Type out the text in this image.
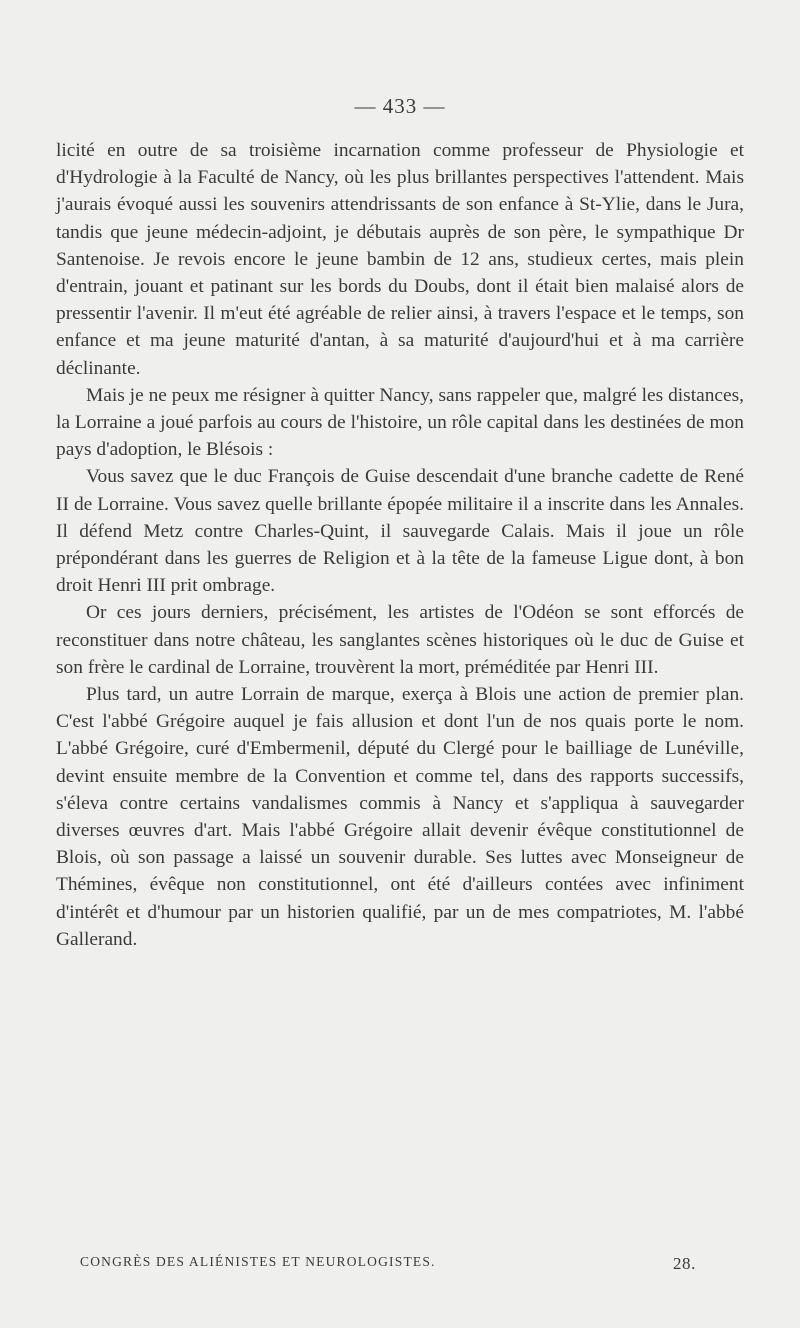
— 433 —

licité en outre de sa troisième incarnation comme professeur de Physiologie et d'Hydrologie à la Faculté de Nancy, où les plus brillantes perspectives l'attendent. Mais j'aurais évoqué aussi les souvenirs attendrissants de son enfance à St-Ylie, dans le Jura, tandis que jeune médecin-adjoint, je débutais auprès de son père, le sympathique Dr Santenoise. Je revois encore le jeune bambin de 12 ans, studieux certes, mais plein d'entrain, jouant et patinant sur les bords du Doubs, dont il était bien malaisé alors de pressentir l'avenir. Il m'eut été agréable de relier ainsi, à travers l'espace et le temps, son enfance et ma jeune maturité d'antan, à sa maturité d'aujourd'hui et à ma carrière déclinante.

Mais je ne peux me résigner à quitter Nancy, sans rappeler que, malgré les distances, la Lorraine a joué parfois au cours de l'histoire, un rôle capital dans les destinées de mon pays d'adoption, le Blésois :

Vous savez que le duc François de Guise descendait d'une branche cadette de René II de Lorraine. Vous savez quelle brillante épopée militaire il a inscrite dans les Annales. Il défend Metz contre Charles-Quint, il sauvegarde Calais. Mais il joue un rôle prépondérant dans les guerres de Religion et à la tête de la fameuse Ligue dont, à bon droit Henri III prit ombrage.

Or ces jours derniers, précisément, les artistes de l'Odéon se sont efforcés de reconstituer dans notre château, les sanglantes scènes historiques où le duc de Guise et son frère le cardinal de Lorraine, trouvèrent la mort, préméditée par Henri III.

Plus tard, un autre Lorrain de marque, exerça à Blois une action de premier plan. C'est l'abbé Grégoire auquel je fais allusion et dont l'un de nos quais porte le nom. L'abbé Grégoire, curé d'Embermenil, député du Clergé pour le bailliage de Lunéville, devint ensuite membre de la Convention et comme tel, dans des rapports successifs, s'éleva contre certains vandalismes commis à Nancy et s'appliqua à sauvegarder diverses œuvres d'art. Mais l'abbé Grégoire allait devenir évêque constitutionnel de Blois, où son passage a laissé un souvenir durable. Ses luttes avec Monseigneur de Thémines, évêque non constitutionnel, ont été d'ailleurs contées avec infiniment d'intérêt et d'humour par un historien qualifié, par un de mes compatriotes, M. l'abbé Gallerand.

CONGRÈS DES ALIÉNISTES ET NEUROLOGISTES.	28.
